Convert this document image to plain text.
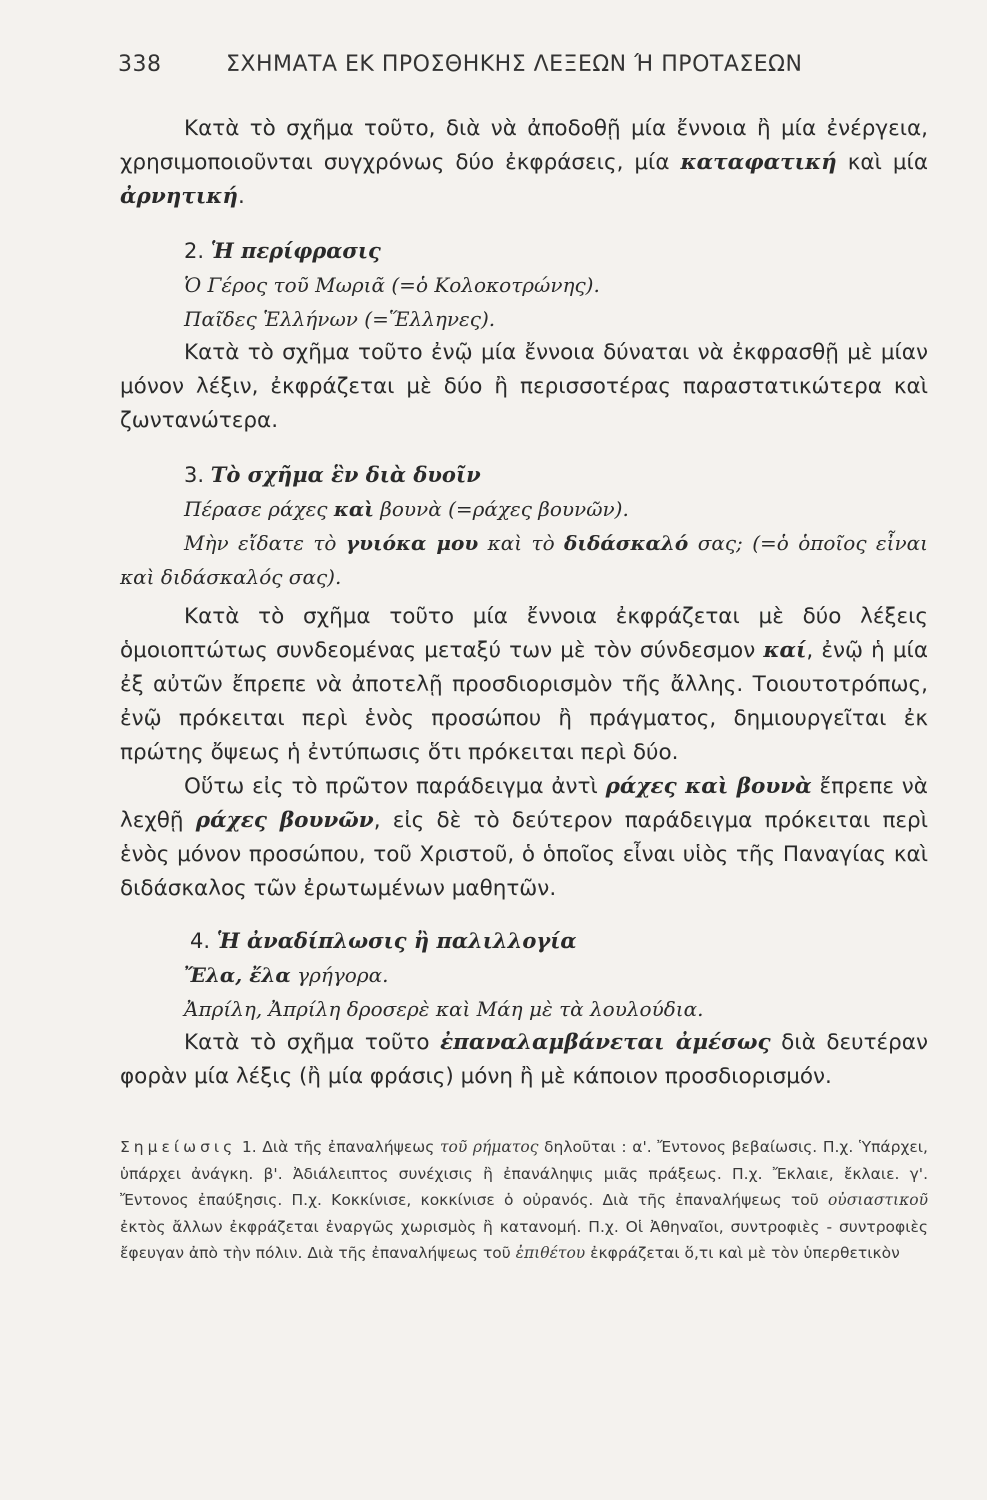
338	ΣΧΗΜΑΤΑ ΕΚ ΠΡΟΣΘΗΚΗΣ ΛΕΞΕΩΝ Ή ΠΡΟΤΑΣΕΩΝ

Κατὰ τὸ σχῆμα τοῦτο, διὰ νὰ ἀποδοθῇ μία ἔννοια ἢ μία ἐνέργεια, χρησιμοποιοῦνται συγχρόνως δύο ἐκφράσεις, μία καταφατική καὶ μία ἀρνητική.

2. Ἡ περίφρασις

Ὁ Γέρος τοῦ Μωριᾶ (=ὁ Κολοκοτρώνης).

Παῖδες Ἑλλήνων (=Ἕλληνες).

Κατὰ τὸ σχῆμα τοῦτο ἐνῷ μία ἔννοια δύναται νὰ ἐκφρασθῇ μὲ μίαν μόνον λέξιν, ἐκφράζεται μὲ δύο ἢ περισσοτέρας παραστατικώτερα καὶ ζωντανώτερα.

3. Τὸ σχῆμα ἓν διὰ δυοῖν

Πέρασε ράχες καὶ βουνὰ (=ράχες βουνῶν).

Μὴν εἴδατε τὸ γυιόκα μου καὶ τὸ διδάσκαλό σας; (=ὁ ὁποῖος εἶναι καὶ διδάσκαλός σας).

Κατὰ τὸ σχῆμα τοῦτο μία ἔννοια ἐκφράζεται μὲ δύο λέξεις ὁμοιοπτώτως συνδεομένας μεταξύ των μὲ τὸν σύνδεσμον καί, ἐνῷ ἡ μία ἐξ αὐτῶν ἔπρεπε νὰ ἀποτελῇ προσδιορισμὸν τῆς ἄλλης. Τοιουτοτρόπως, ἐνῷ πρόκειται περὶ ἑνὸς προσώπου ἢ πράγματος, δημιουργεῖται ἐκ πρώτης ὄψεως ἡ ἐντύπωσις ὅτι πρόκειται περὶ δύο.

Οὕτω εἰς τὸ πρῶτον παράδειγμα ἀντὶ ράχες καὶ βουνὰ ἔπρεπε νὰ λεχθῇ ράχες βουνῶν, εἰς δὲ τὸ δεύτερον παράδειγμα πρόκειται περὶ ἑνὸς μόνον προσώπου, τοῦ Χριστοῦ, ὁ ὁποῖος εἶναι υἱὸς τῆς Παναγίας καὶ διδάσκαλος τῶν ἐρωτωμένων μαθητῶν.

4. Ἡ ἀναδίπλωσις ἢ παλιλλογία

Ἔλα, ἔλα γρήγορα.

Ἀπρίλη, Ἀπρίλη δροσερὲ καὶ Μάη μὲ τὰ λουλούδια.

Κατὰ τὸ σχῆμα τοῦτο ἐπαναλαμβάνεται ἀμέσως διὰ δευτέραν φορὰν μία λέξις (ἢ μία φράσις) μόνη ἢ μὲ κάποιον προσδιορισμόν.

Σημείωσις 1. Διὰ τῆς ἐπαναλήψεως τοῦ ρήματος δηλοῦται : α'. Ἔντονος βεβαίωσις. Π.χ. Ὑπάρχει, ὑπάρχει ἀνάγκη. β'. Ἀδιάλειπτος συνέχισις ἢ ἐπανάληψις μιᾶς πράξεως. Π.χ. Ἔκλαιε, ἔκλαιε. γ'. Ἔντονος ἐπαύξησις. Π.χ. Κοκκίνισε, κοκκίνισε ὁ οὐρανός. Διὰ τῆς ἐπαναλήψεως τοῦ οὐσιαστικοῦ ἐκτὸς ἄλλων ἐκφράζεται ἐναργῶς χωρισμὸς ἢ κατανομή. Π.χ. Οἱ Ἀθηναῖοι, συντροφιὲς - συντροφιὲς ἔφευγαν ἀπὸ τὴν πόλιν. Διὰ τῆς ἐπαναλήψεως τοῦ ἐπιθέτου ἐκφράζεται ὅ,τι καὶ μὲ τὸν ὑπερθετικὸν
